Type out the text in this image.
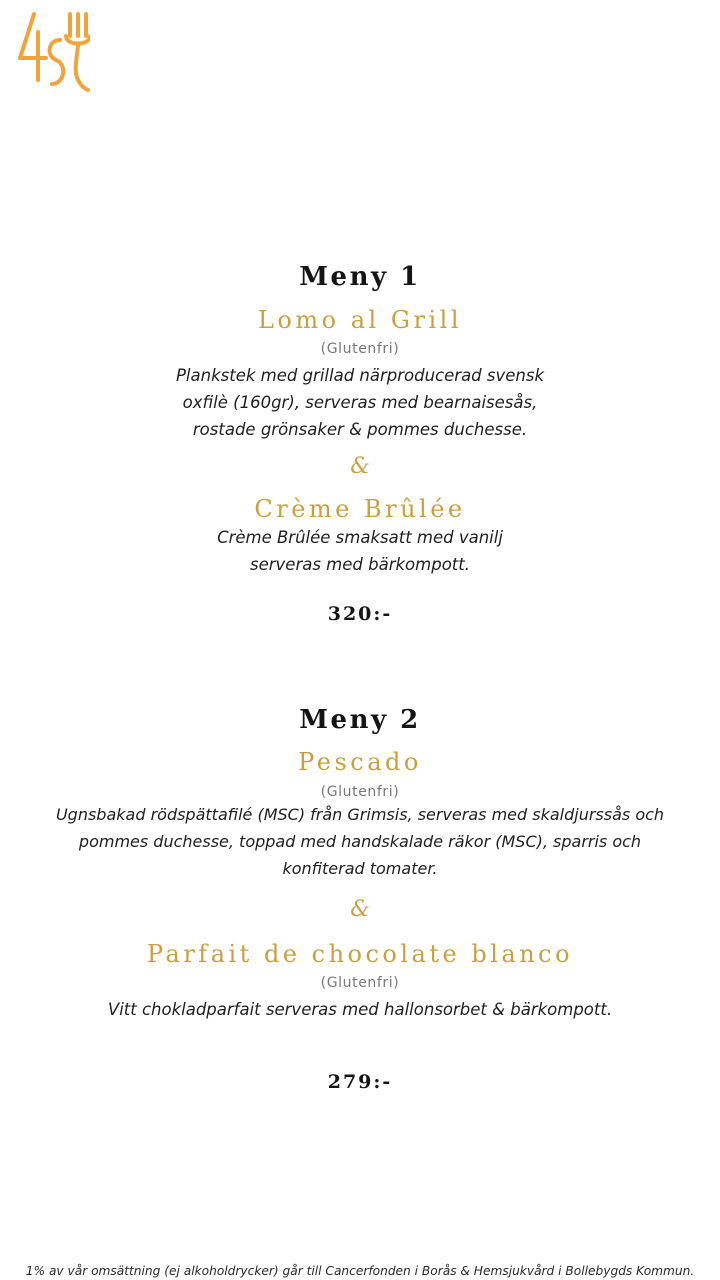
Meny 1
Lomo al Grill
(Glutenfri)
Plankstek med grillad närproducerad svensk
oxfilè (160gr), serveras med bearnaisesås,
rostade grönsaker & pommes duchesse.
&
Crème Brûlée
Crème Brûlée smaksatt med vanilj
serveras med bärkompott.
320:-
Meny 2
Pescado
(Glutenfri)
Ugnsbakad rödspättafilé (MSC) från Grimsis, serveras med skaldjurssås och
pommes duchesse, toppad med handskalade räkor (MSC), sparris och
konfiterad tomater.
&
Parfait de chocolate blanco
(Glutenfri)
Vitt chokladparfait serveras med hallonsorbet & bärkompott.
279:-
1% av vår omsättning (ej alkoholdrycker) går till Cancerfonden i Borås & Hemsjukvård i Bollebygds Kommun.
